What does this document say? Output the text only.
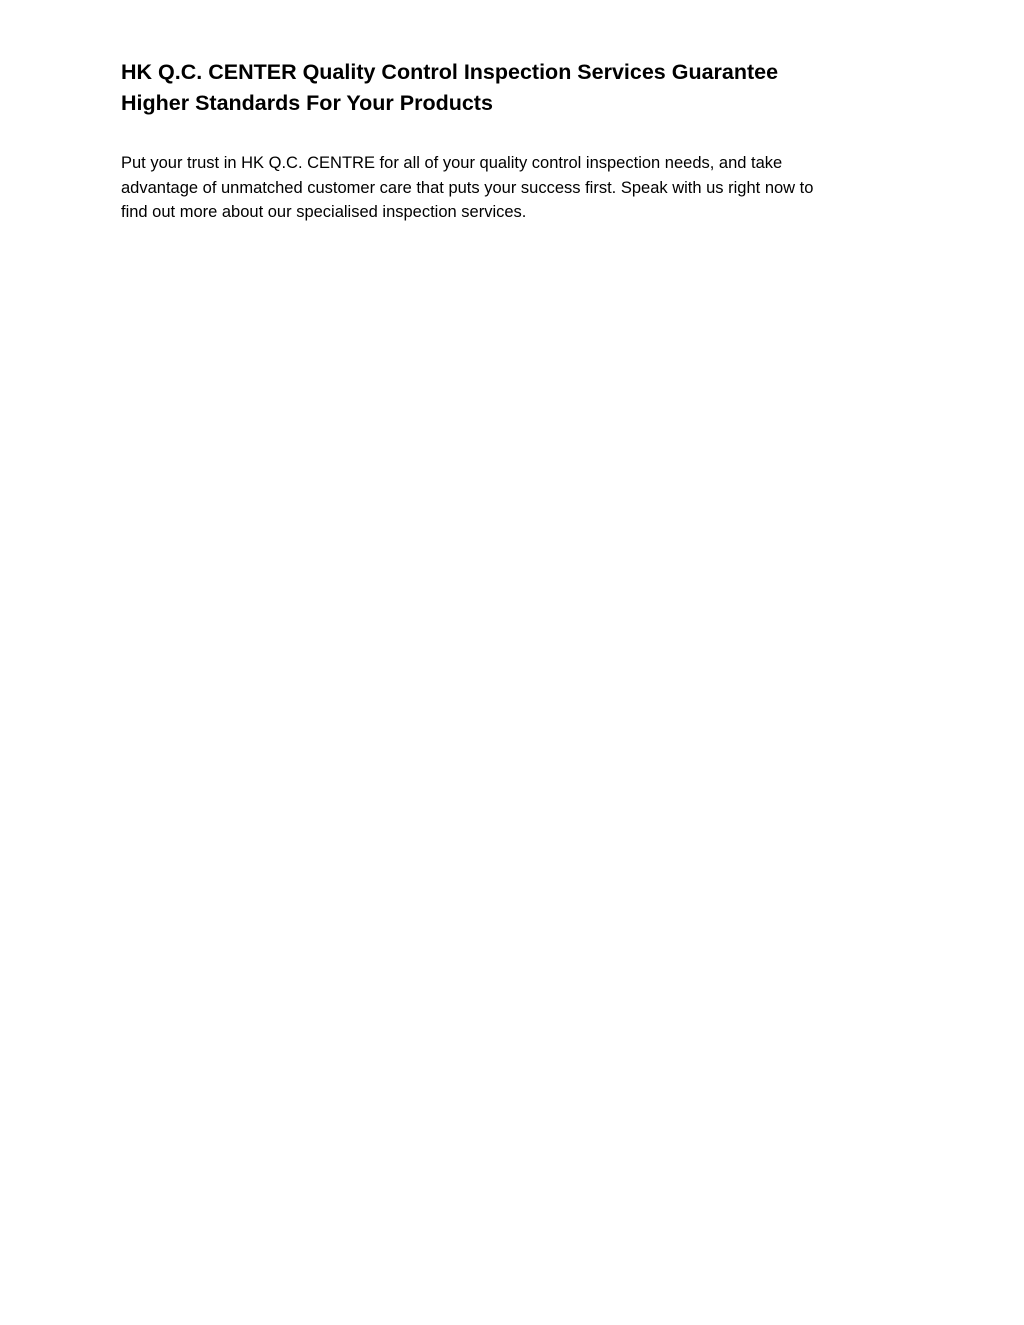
HK Q.C. CENTER Quality Control Inspection Services Guarantee
Higher Standards For Your Products

Put your trust in HK Q.C. CENTRE for all of your quality control inspection needs, and take
advantage of unmatched customer care that puts your success first. Speak with us right now to
find out more about our specialised inspection services.
